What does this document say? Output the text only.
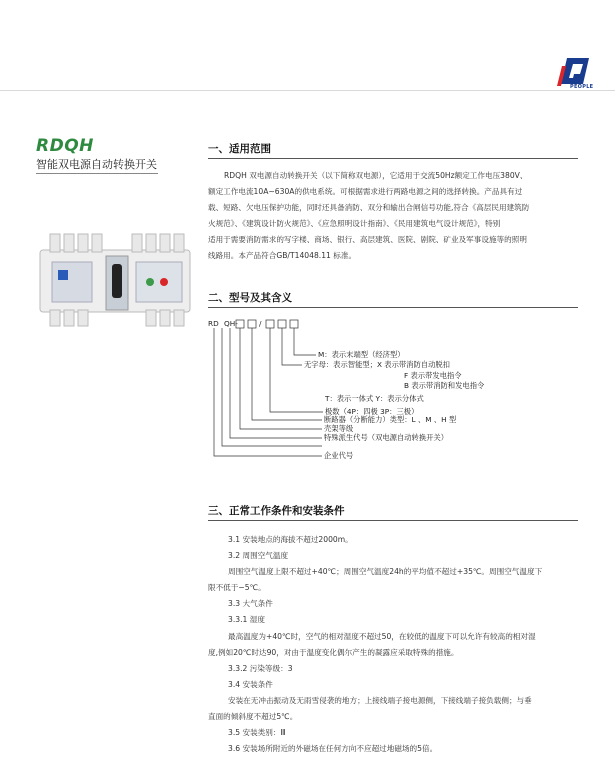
PEOPLE
RDQH
智能双电源自动转换开关
一、适用范围
RDQH 双电源自动转换开关（以下简称双电源），它适用于交流50Hz额定工作电压380V、
额定工作电流10A~630A的供电系统。可根据需求进行两路电源之间的选择转换。产品具有过
载、短路、欠电压保护功能，同时还具备消防、双分和输出合闸信号功能,符合《高层民用建筑防
火规范》、《建筑设计防火规范》、《应急照明设计指南》、《民用建筑电气设计规范》，特别
适用于需要消防需求的写字楼、商场、银行、高层建筑、医院、剧院、矿业及军事设施等的照明
线路用。本产品符合GB/T14048.11 标准。
二、型号及其含义
RD QH-	/
M：表示末端型（经济型）
无字母：表示智能型；X 表示带消防自动脱扣
F 表示带发电指令
B 表示带消防和发电指令
T：表示一体式 Y：表示分体式
极数（4P：四极 3P：三极）
断路器（分断能力）类型：L 、M 、H 型
壳架等级
特殊派生代号（双电源自动转换开关）
企业代号
三、正常工作条件和安装条件
3.1 安装地点的海拔不超过2000m。
3.2 周围空气温度
周围空气温度上限不超过+40℃；周围空气温度24h的平均值不超过+35℃。周围空气温度下
限不低于−5℃。
3.3 大气条件
3.3.1 湿度
最高温度为+40℃时，空气的相对湿度不超过50，在较低的温度下可以允许有较高的相对湿
度,例如20℃时达90，对由于温度变化偶尔产生的凝露应采取特殊的措施。
3.3.2 污染等级：3
3.4 安装条件
安装在无冲击振动及无雨雪侵袭的地方；上接线端子接电源侧，下接线端子接负载侧；与垂
直面的倾斜度不超过5℃。
3.5 安装类别：Ⅲ
3.6 安装场所附近的外磁场在任何方向不应超过地磁场的5倍。
